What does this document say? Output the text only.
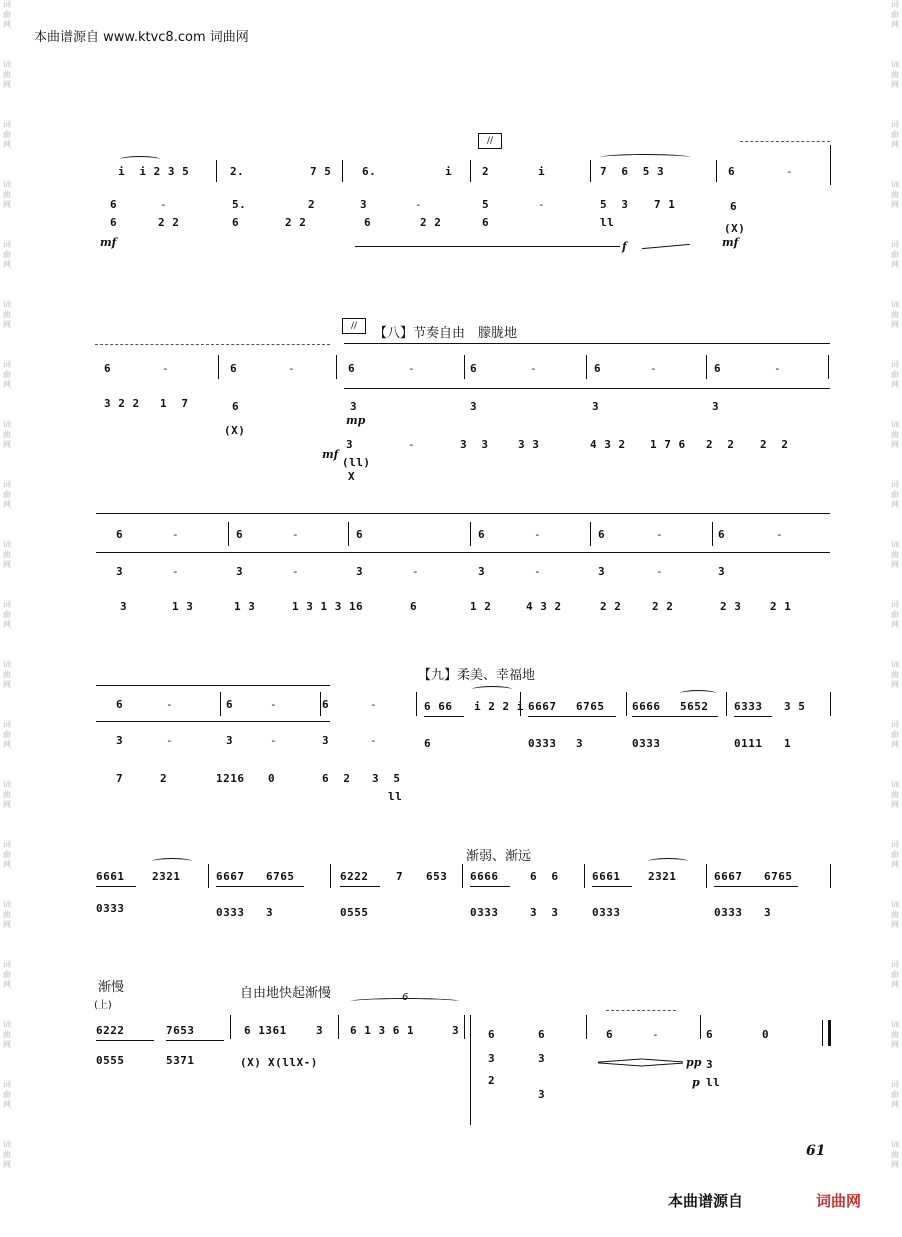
词
曲
网
词
曲
网
词
曲
网
词
曲
网
词
曲
网
词
曲
网
词
曲
网
词
曲
网
词
曲
网
词
曲
网
词
曲
网
词
曲
网
词
曲
网
词
曲
网
词
曲
网
词
曲
网
词
曲
网
词
曲
网
词
曲
网
词
曲
网
词
曲
网
词
曲
网
词
曲
网
词
曲
网
词
曲
网
词
曲
网
词
曲
网
词
曲
网
词
曲
网
词
曲
网
词
曲
网
词
曲
网
词
曲
网
词
曲
网
词
曲
网
词
曲
网
词
曲
网
词
曲
网
词
曲
网
词
曲
网
本曲谱源自 www.ktvc8.com 词曲网
//
i  i 2 3 5	2.	7 5	6.	i	2	i	7  6  5 3	6	-
6	-	5.	2	3	-	5	-	5  3 7 1	6
6	2 2	6	2 2	6	2 2	6	ll	(X)
mf	mf
f
//	【八】节奏自由　朦胧地
6	-	6	-	6	-	6	-	6	-	6	-
3 2 2 1  7	6	3	3	3	3
mp
(X)
3	-	3  3	3 3	4 3 2 1 7 6 2  2 2  2
mf
(ll)
X
6	-	6	-	6	6	-	6	-	6	-
3	-	3	-	3	-	3	-	3	-	3
3	1 3	1 3	1 3 1 3 1 6	6	1 2	4 3 2	2 2	2 2	2 3	2 1
【九】柔美、幸福地
6	-	6	-	6	-	6 66 i 2 2 i 6667 6765	6666 5652 6333 3 5
3	-	3	-	3	-	6	0333 3	0333	0111 1
7	2	1216 0	6  2 3  5
ll
渐弱、渐远
6661	2321	6667 6765	6222	7 653 6666	6  6	6661	2321	6667 6765
0333	0333 3	0555	0333	3  3	0333	0333 3
渐慢	自由地快起渐慢
(上)
6
6222	7653	6 1361	3 6 1 3 6 1	3	6	6	6	-	6	0
0555	5371	(X) X(llX-)	3	3
2
3
3
ll
pp
p
61
本曲谱源自	词曲网
